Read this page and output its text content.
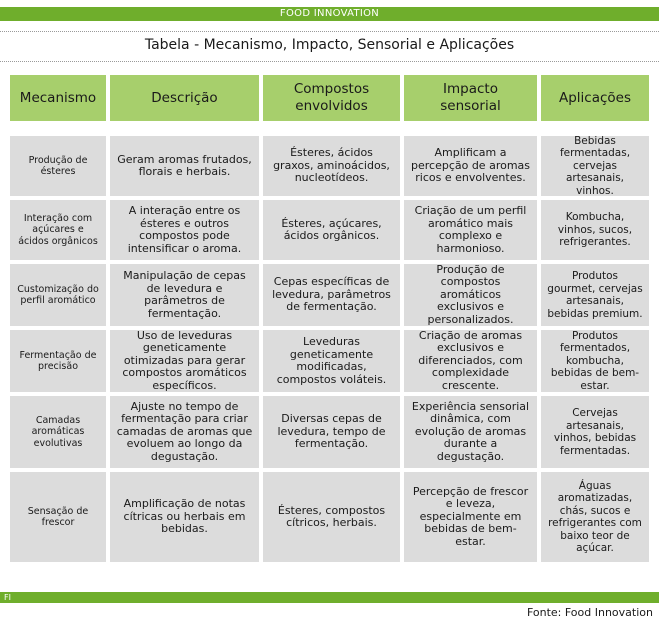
FOOD INNOVATION
Tabela - Mecanismo, Impacto, Sensorial e Aplicações
Mecanismo	Descrição
Compostos envolvidos
Impacto sensorial
Aplicações
Produção de ésteres
Geram aromas frutados, florais e herbais.
Ésteres, ácidos graxos, aminoácidos, nucleotídeos.
Amplificam a percepção de aromas ricos e envolventes.
Bebidas fermentadas, cervejas artesanais, vinhos.
Interação com açúcares e ácidos orgânicos
A interação entre os ésteres e outros compostos pode intensificar o aroma.
Ésteres, açúcares, ácidos orgânicos.
Criação de um perfil aromático mais complexo e harmonioso.
Kombucha, vinhos, sucos, refrigerantes.
Customização do perfil aromático
Manipulação de cepas de levedura e parâmetros de fermentação.
Cepas específicas de levedura, parâmetros de fermentação.
Produção de compostos aromáticos exclusivos e personalizados.
Produtos gourmet, cervejas artesanais, bebidas premium.
Fermentação de precisão
Uso de leveduras geneticamente otimizadas para gerar compostos aromáticos específicos.
Leveduras geneticamente modificadas, compostos voláteis.
Criação de aromas exclusivos e diferenciados, com complexidade crescente.
Produtos fermentados, kombucha, bebidas de bem-estar.
Camadas aromáticas evolutivas
Ajuste no tempo de fermentação para criar camadas de aromas que evoluem ao longo da degustação.
Diversas cepas de levedura, tempo de fermentação.
Experiência sensorial dinâmica, com evolução de aromas durante a degustação.
Cervejas artesanais, vinhos, bebidas fermentadas.
Sensação de frescor
Amplificação de notas cítricas ou herbais em bebidas.
Ésteres, compostos cítricos, herbais.
Percepção de frescor e leveza, especialmente em bebidas de bem-estar.
Águas aromatizadas, chás, sucos e refrigerantes com baixo teor de açúcar.
FI
Fonte: Food Innovation
